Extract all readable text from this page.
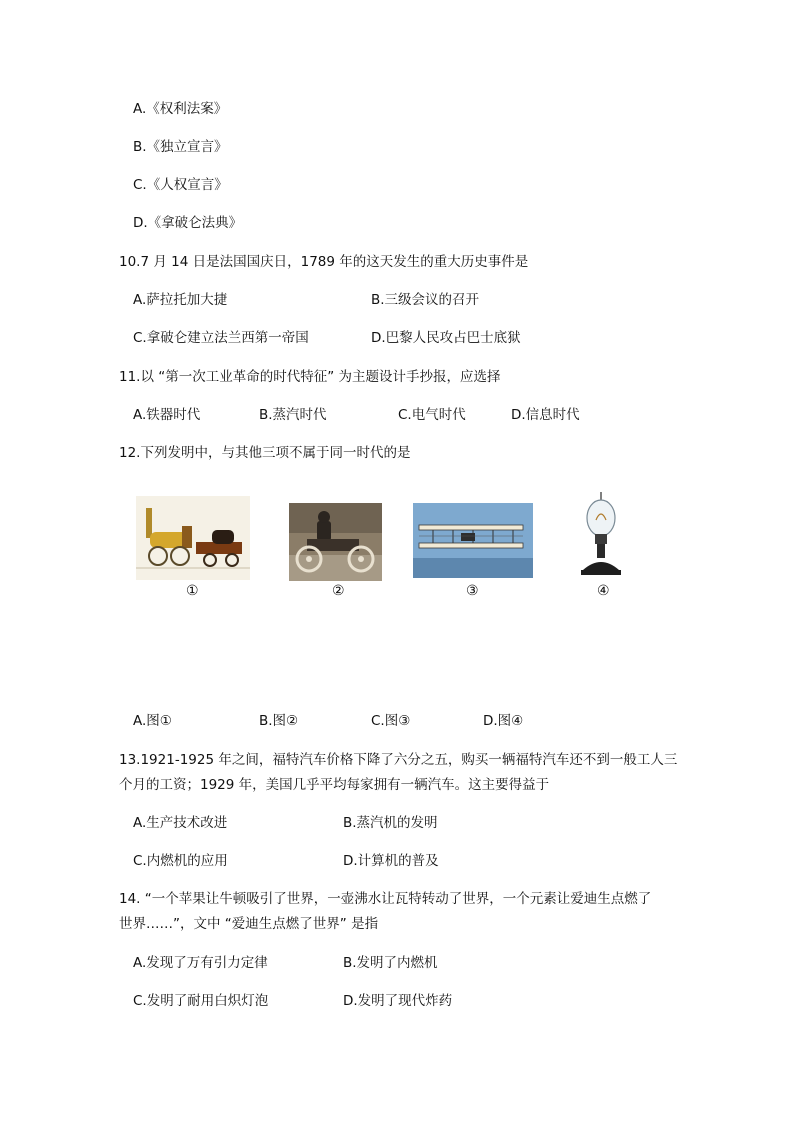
A.《权利法案》
B.《独立宣言》
C.《人权宣言》
D.《拿破仑法典》
10.7 月 14 日是法国国庆日，1789 年的这天发生的重大历史事件是
A.萨拉托加大捷	B.三级会议的召开
C.拿破仑建立法兰西第一帝国	D.巴黎人民攻占巴士底狱
11.以 “第一次工业革命的时代特征” 为主题设计手抄报，应选择
A.铁器时代	B.蒸汽时代	C.电气时代	D.信息时代
12.下列发明中，与其他三项不属于同一时代的是
①	②	③	④
A.图①	B.图②	C.图③	D.图④
13.1921-1925 年之间，福特汽车价格下降了六分之五，购买一辆福特汽车还不到一般工人三
个月的工资；1929 年，美国几乎平均每家拥有一辆汽车。这主要得益于
A.生产技术改进	B.蒸汽机的发明
C.内燃机的应用	D.计算机的普及
14. “一个苹果让牛顿吸引了世界，一壶沸水让瓦特转动了世界，一个元素让爱迪生点燃了
世界……”，文中 “爱迪生点燃了世界” 是指
A.发现了万有引力定律	B.发明了内燃机
C.发明了耐用白炽灯泡	D.发明了现代炸药
